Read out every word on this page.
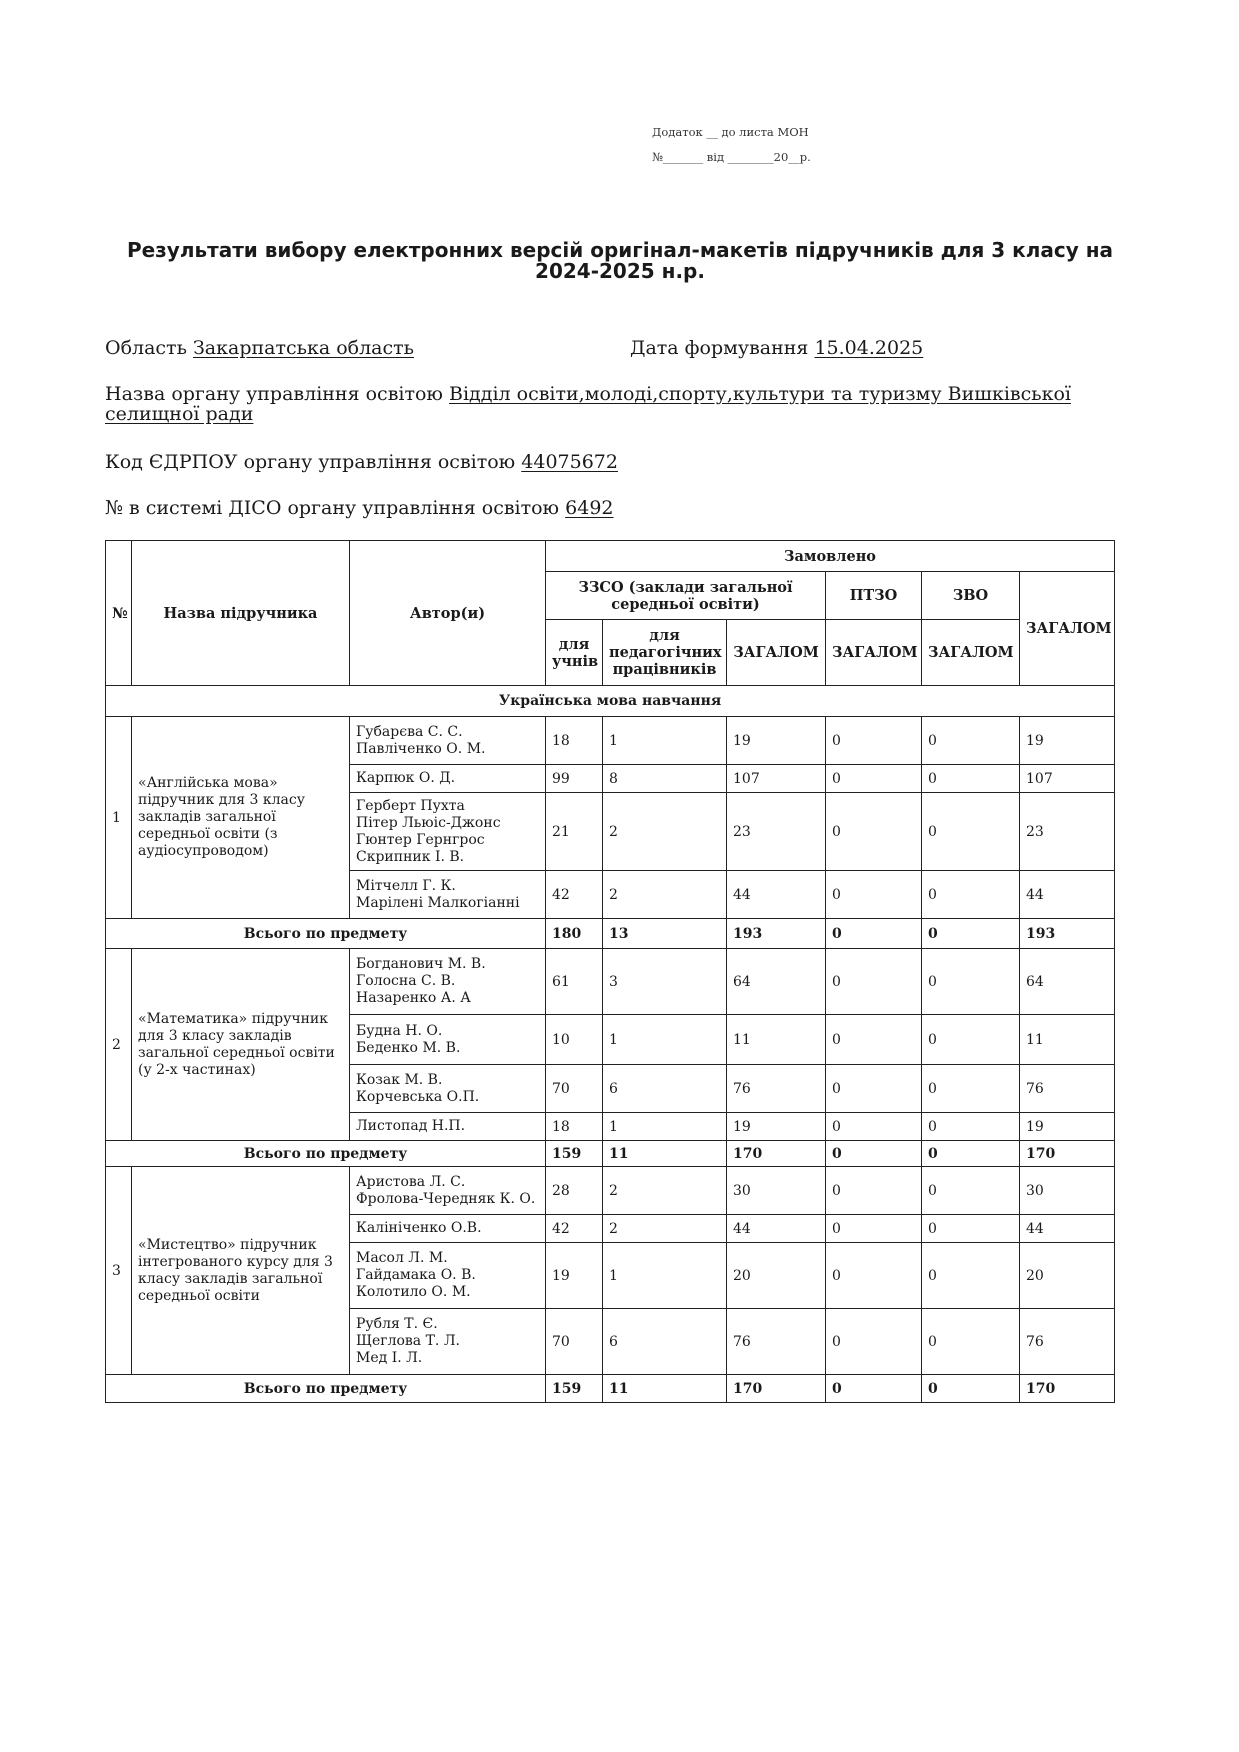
Додаток __ до листа МОН
№_______ від ________20__р.
Результати вибору електронних версій оригінал-макетів підручників для 3 класу на 2024-2025 н.р.
Область Закарпатська область	Дата формування 15.04.2025
Назва органу управління освітою Відділ освіти,молоді,спорту,культури та туризму Вишківської селищної ради
Код ЄДРПОУ органу управління освітою 44075672
№ в системі ДІСО органу управління освітою 6492
№	Назва підручника	Автор(и)	Замовлено					
			ЗЗСО (заклади загальної середньої освіти)			ПТЗО	ЗВО	ЗАГАЛОМ
			для учнів	для педагогічних працівників	ЗАГАЛОМ	ЗАГАЛОМ	ЗАГАЛОМ	
Українська мова навчання								
1	«Англійська мова» підручник для 3 класу закладів загальної середньої освіти (з аудіосупроводом)	Губарєва С. С.
Павліченко О. М.	18	1	19	0	0	19

		Карпюк О. Д.	99	8	107	0	0	107

		Герберт Пухта
Пітер Льюіс-Джонс
Гюнтер Гернгрос
Скрипник І. В.	21	2	23	0	0	23

		Мітчелл Г. К.
Марілені Малкогіанні	42	2	44	0	0	44
Всього по предмету			180	13	193	0	0	193
2	«Математика» підручник для 3 класу закладів загальної середньої освіти (у 2-х частинах)	Богданович М. В.
Голосна С. В.
Назаренко А. А	61	3	64	0	0	64

		Будна Н. О.
Беденко М. В.	10	1	11	0	0	11

		Козак М. В.
Корчевська О.П.	70	6	76	0	0	76

		Листопад Н.П.	18	1	19	0	0	19
Всього по предмету			159	11	170	0	0	170
3	«Мистецтво» підручник інтегрованого курсу для 3 класу закладів загальної середньої освіти	Аристова Л. С.
Фролова-Чередняк К. О.	28	2	30	0	0	30

		Калініченко О.В.	42	2	44	0	0	44

		Масол Л. М.
Гайдамака О. В.
Колотило О. М.	19	1	20	0	0	20

		Рубля Т. Є.
Щеглова Т. Л.
Мед І. Л.	70	6	76	0	0	76
Всього по предмету			159	11	170	0	0	170
